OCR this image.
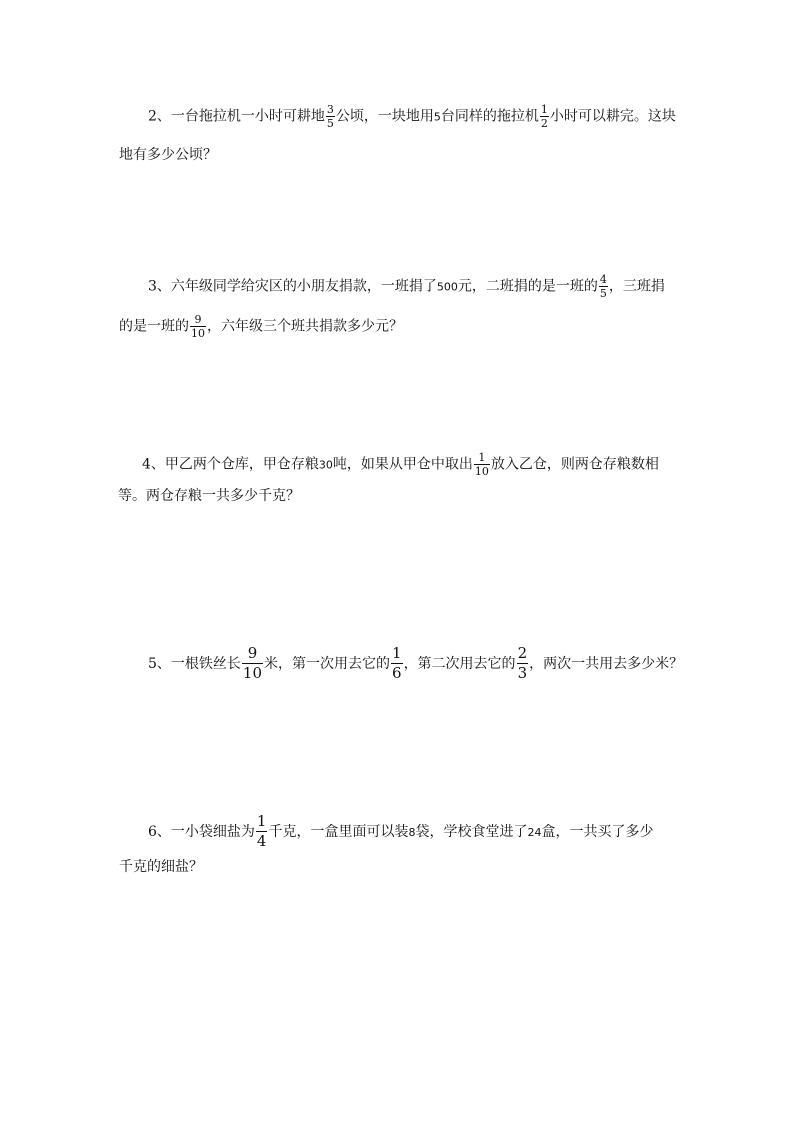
2、一台拖拉机一小时可耕地 $\frac{3}{5}$ 公顷，一块地用5台同样的拖拉机 $\frac{1}{2}$ 小时可以耕完。这块
地有多少公顷？
3、六年级同学给灾区的小朋友捐款，一班捐了500元，二班捐的是一班的 $\frac{4}{5}$ ，三班捐
的是一班的 $\frac{9}{10}$ ，六年级三个班共捐款多少元？
4、甲乙两个仓库，甲仓存粮30吨，如果从甲仓中取出 $\frac{1}{10}$ 放入乙仓，则两仓存粮数相
等。两仓存粮一共多少千克？
5、一根铁丝长 $\frac{9}{10}$ 米，第一次用去它的 $\frac{1}{6}$ ，第二次用去它的 $\frac{2}{3}$ ，两次一共用去多少米？
6、一小袋细盐为 $\frac{1}{4}$ 千克，一盒里面可以装8袋，学校食堂进了24盒，一共买了多少
千克的细盐？
